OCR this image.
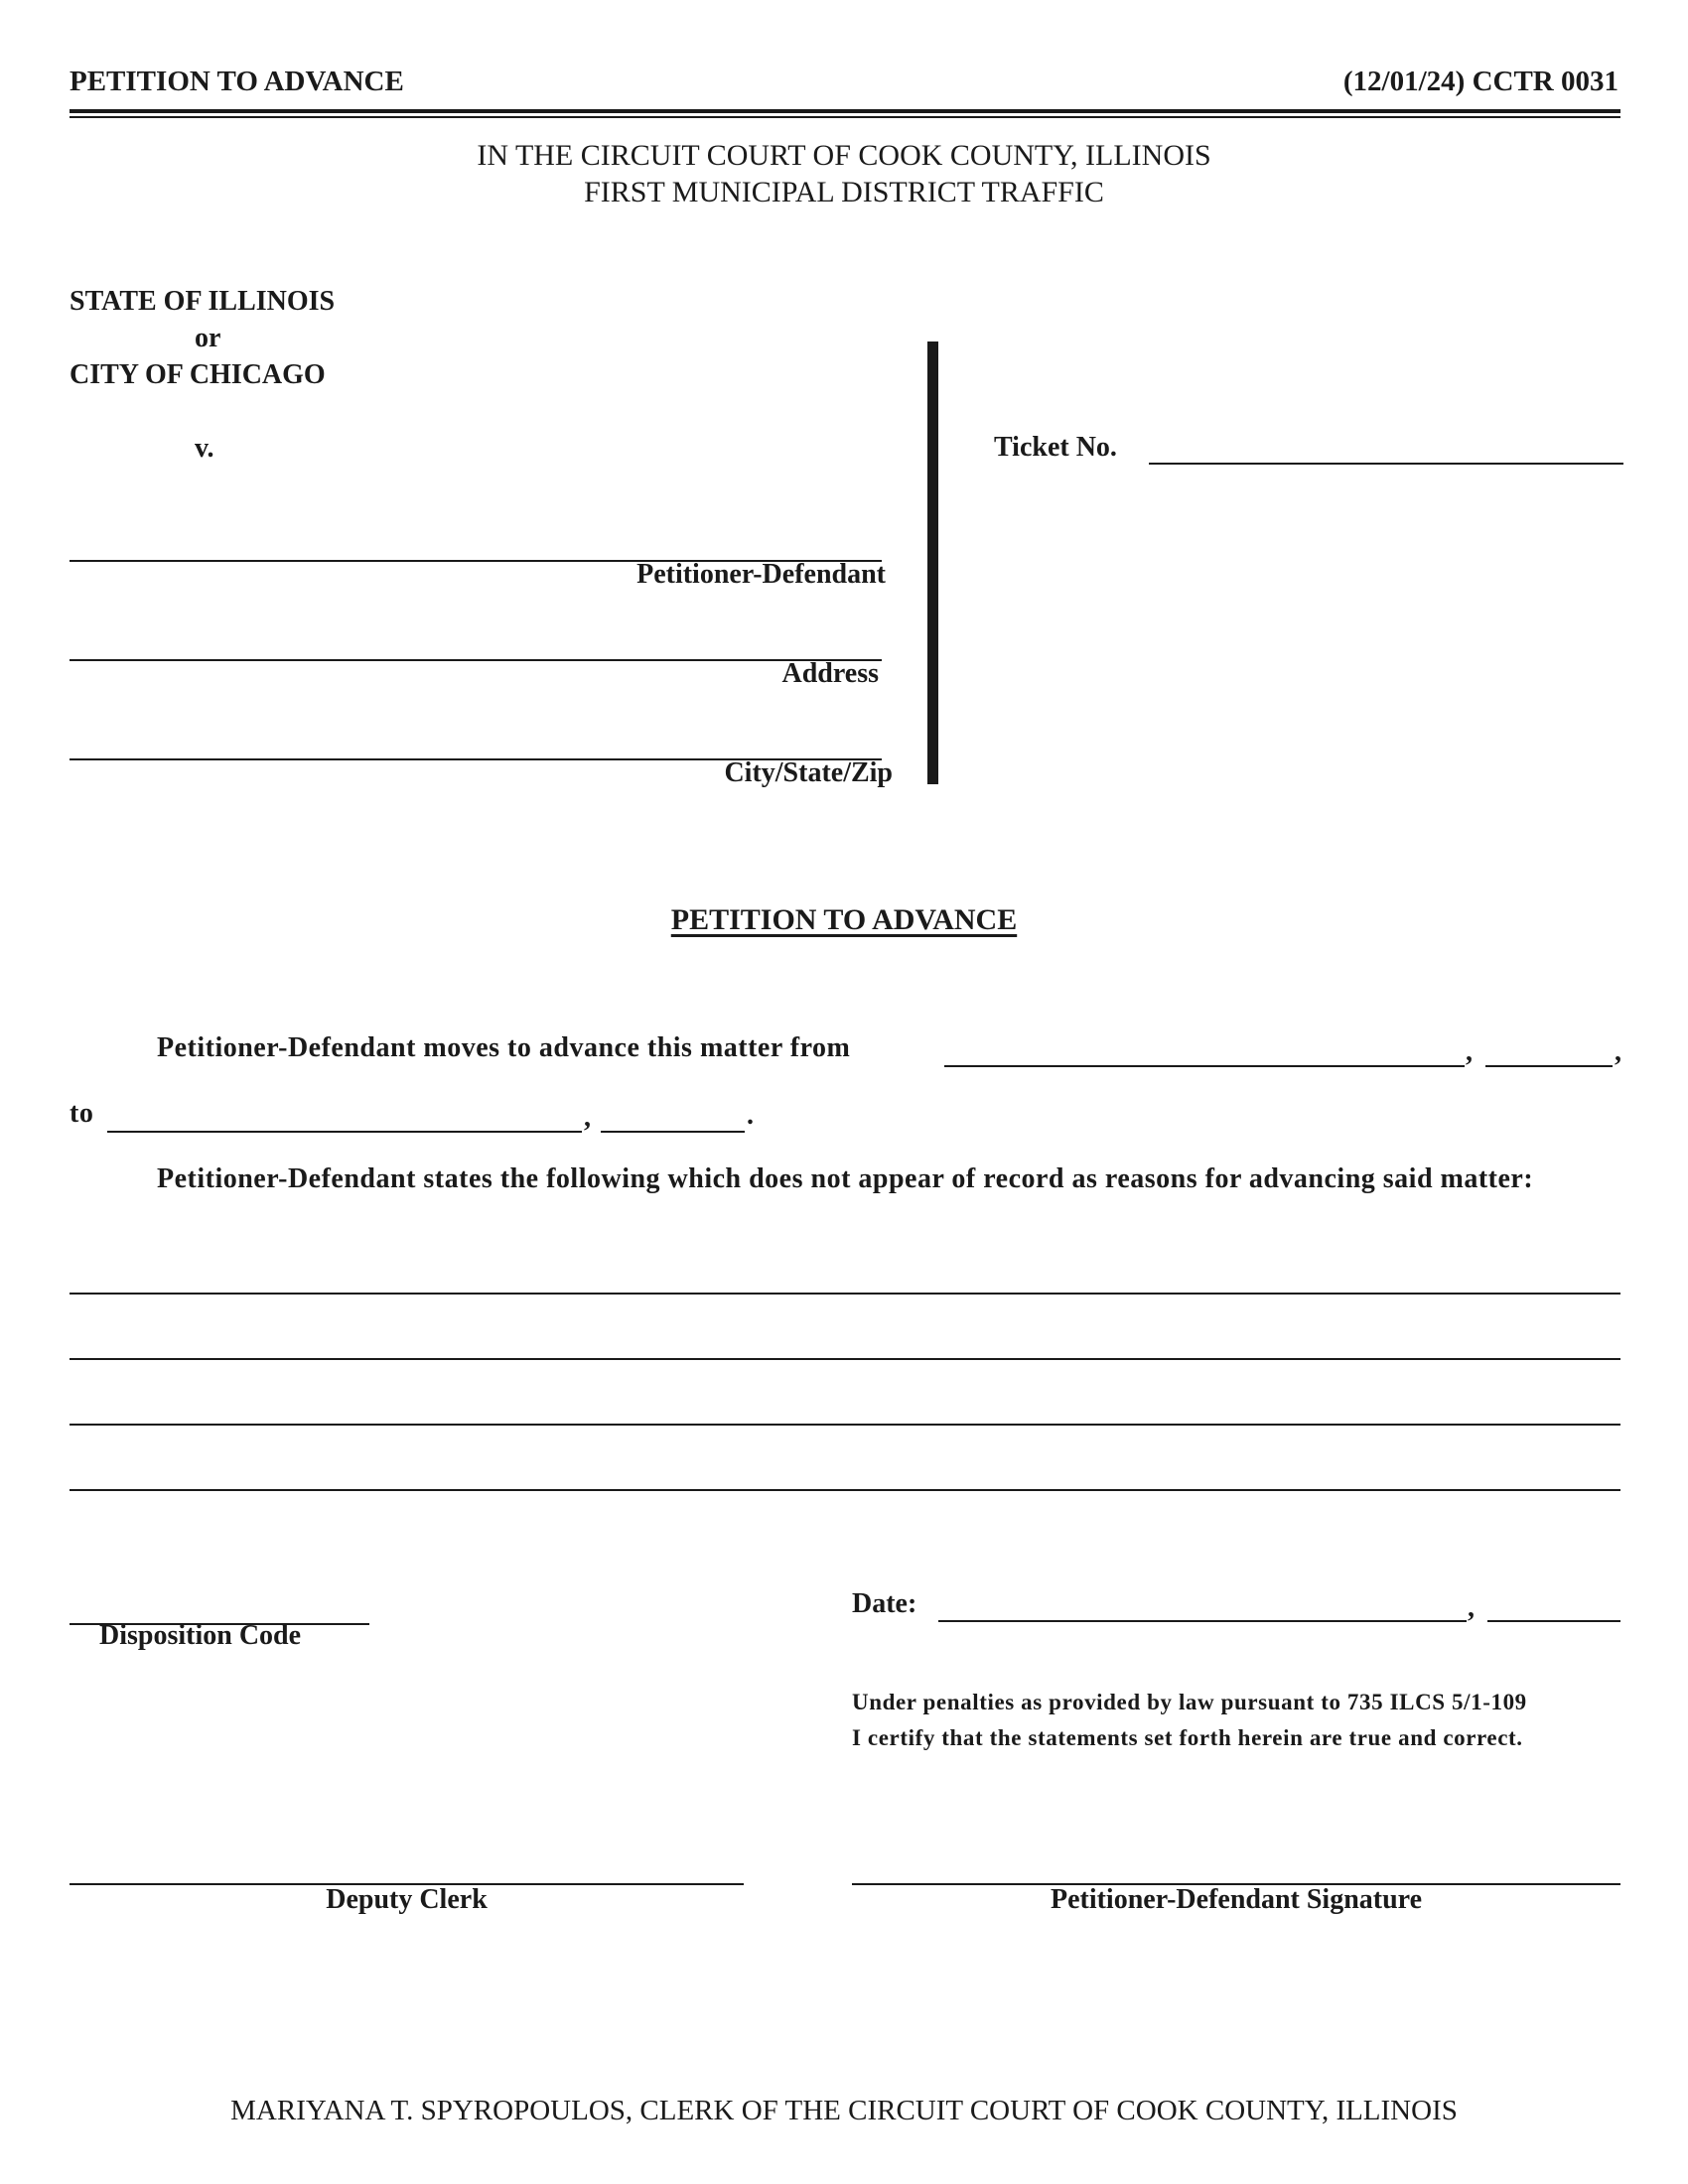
PETITION TO ADVANCE	(12/01/24) CCTR 0031
IN THE CIRCUIT COURT OF COOK COUNTY, ILLINOIS
FIRST MUNICIPAL DISTRICT TRAFFIC
STATE OF ILLINOIS
or
CITY OF CHICAGO
v.	Ticket No.
Petitioner-Defendant
Address
City/State/Zip
PETITION TO ADVANCE
Petitioner-Defendant moves to advance this matter from	,	,
to	,	.
Petitioner-Defendant states the following which does not appear of record as reasons for advancing said matter:
Disposition Code
Date:	,
Under penalties as provided by law pursuant to 735 ILCS 5/1-109
I certify that the statements set forth herein are true and correct.
Deputy Clerk	Petitioner-Defendant Signature
MARIYANA T. SPYROPOULOS, CLERK OF THE CIRCUIT COURT OF COOK COUNTY, ILLINOIS
